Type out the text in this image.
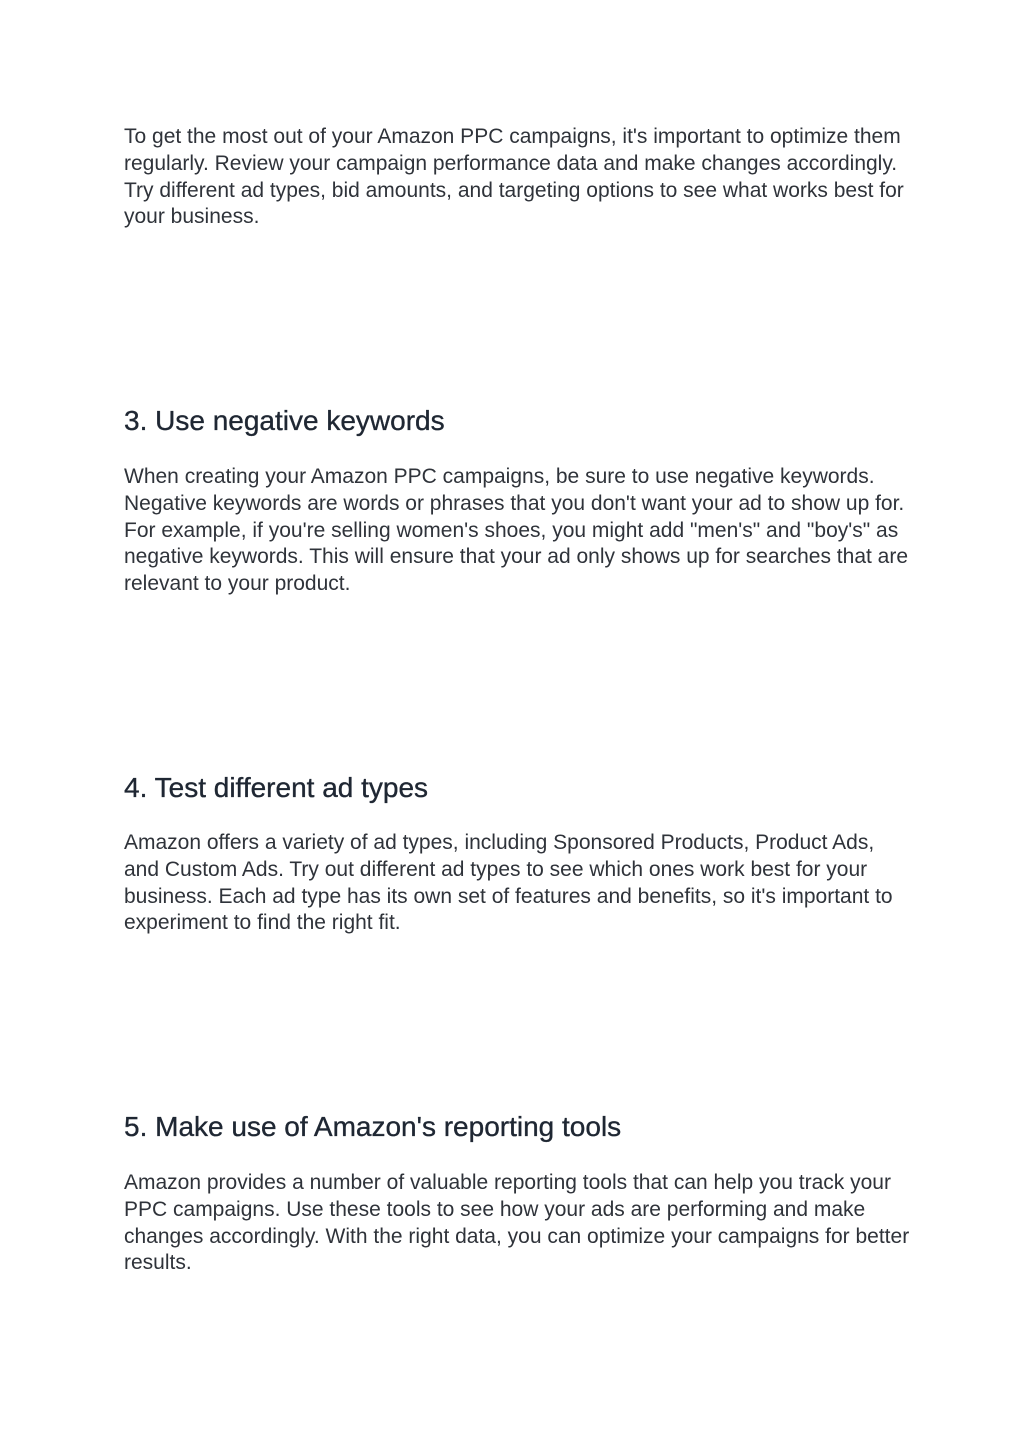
To get the most out of your Amazon PPC campaigns, it's important to optimize them regularly. Review your campaign performance data and make changes accordingly. Try different ad types, bid amounts, and targeting options to see what works best for your business.

3. Use negative keywords

When creating your Amazon PPC campaigns, be sure to use negative keywords. Negative keywords are words or phrases that you don't want your ad to show up for. For example, if you're selling women's shoes, you might add "men's" and "boy's" as negative keywords. This will ensure that your ad only shows up for searches that are relevant to your product.

4. Test different ad types

Amazon offers a variety of ad types, including Sponsored Products, Product Ads, and Custom Ads. Try out different ad types to see which ones work best for your business. Each ad type has its own set of features and benefits, so it's important to experiment to find the right fit.

5. Make use of Amazon's reporting tools

Amazon provides a number of valuable reporting tools that can help you track your PPC campaigns. Use these tools to see how your ads are performing and make changes accordingly. With the right data, you can optimize your campaigns for better results.
